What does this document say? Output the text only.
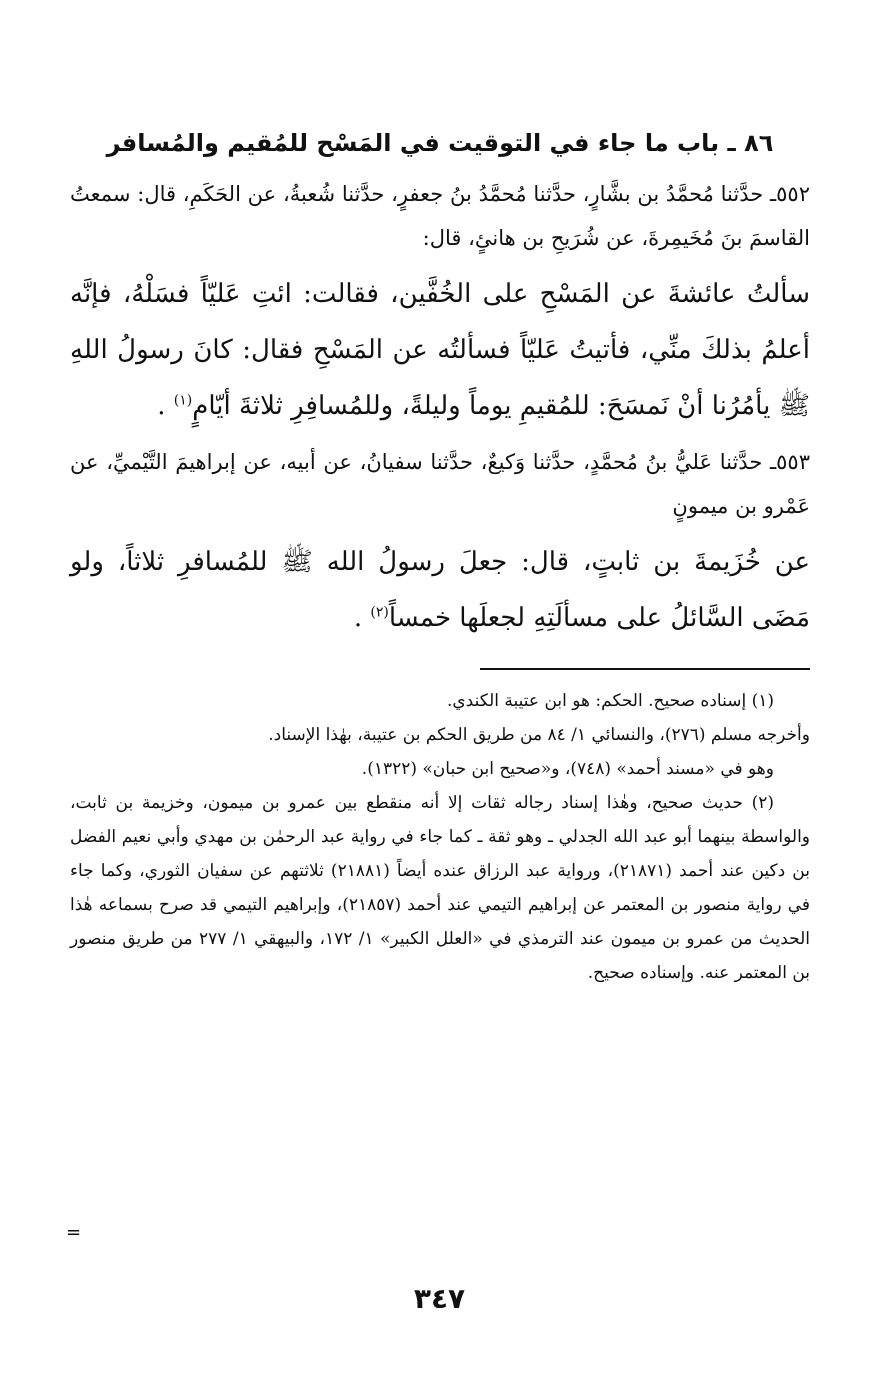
٨٦ ـ باب ما جاء في التوقيت في المَسْح للمُقيم والمُسافر

٥٥٢ـ حدَّثنا مُحمَّدُ بن بشَّارٍ، حدَّثنا مُحمَّدُ بنُ جعفرٍ، حدَّثنا شُعبةُ، عن الحَكَمِ، قال: سمعتُ القاسمَ بنَ مُخَيمِرةَ، عن شُرَيحِ بن هانئٍ، قال:

سألتُ عائشةَ عن المَسْحِ على الخُفَّين، فقالت: ائتِ عَليّاً فسَلْهُ، فإنَّه أعلمُ بذلكَ منِّي، فأتيتُ عَليّاً فسألتُه عن المَسْحِ فقال: كانَ رسولُ اللهِ ﷺ يأمُرُنا أنْ نَمسَحَ: للمُقيمِ يوماً وليلةً، وللمُسافِرِ ثلاثةَ أيّامٍ$^{(١)}$ .

٥٥٣ـ حدَّثنا عَليُّ بنُ مُحمَّدٍ، حدَّثنا وَكيعٌ، حدَّثنا سفيانُ، عن أبيه، عن إبراهيمَ التَّيْميِّ، عن عَمْرو بن ميمونٍ

عن خُزَيمةَ بن ثابتٍ، قال: جعلَ رسولُ الله ﷺ للمُسافرِ ثلاثاً، ولو مَضَى السَّائلُ على مسألَتِهِ لجعلَها خمساً$^{(٢)}$ .

(١) إسناده صحيح. الحكم: هو ابن عتيبة الكندي.

وأخرجه مسلم (٢٧٦)، والنسائي ١/ ٨٤ من طريق الحكم بن عتيبة، بهٰذا الإسناد.

وهو في «مسند أحمد» (٧٤٨)، و«صحيح ابن حبان» (١٣٢٢).

(٢) حديث صحيح، وهٰذا إسناد رجاله ثقات إلا أنه منقطع بين عمرو بن ميمون، وخزيمة بن ثابت، والواسطة بينهما أبو عبد الله الجدلي ـ وهو ثقة ـ كما جاء في رواية عبد الرحمٰن بن مهدي وأبي نعيم الفضل بن دكين عند أحمد (٢١٨٧١)، ورواية عبد الرزاق عنده أيضاً (٢١٨٨١) ثلاثتهم عن سفيان الثوري، وكما جاء في رواية منصور بن المعتمر عن إبراهيم التيمي عند أحمد (٢١٨٥٧)، وإبراهيم التيمي قد صرح بسماعه هٰذا الحديث من عمرو بن ميمون عند الترمذي في «العلل الكبير» ١/ ١٧٢، والبيهقي ١/ ٢٧٧ من طريق منصور بن المعتمر عنه. وإسناده صحيح.

=
٣٤٧
